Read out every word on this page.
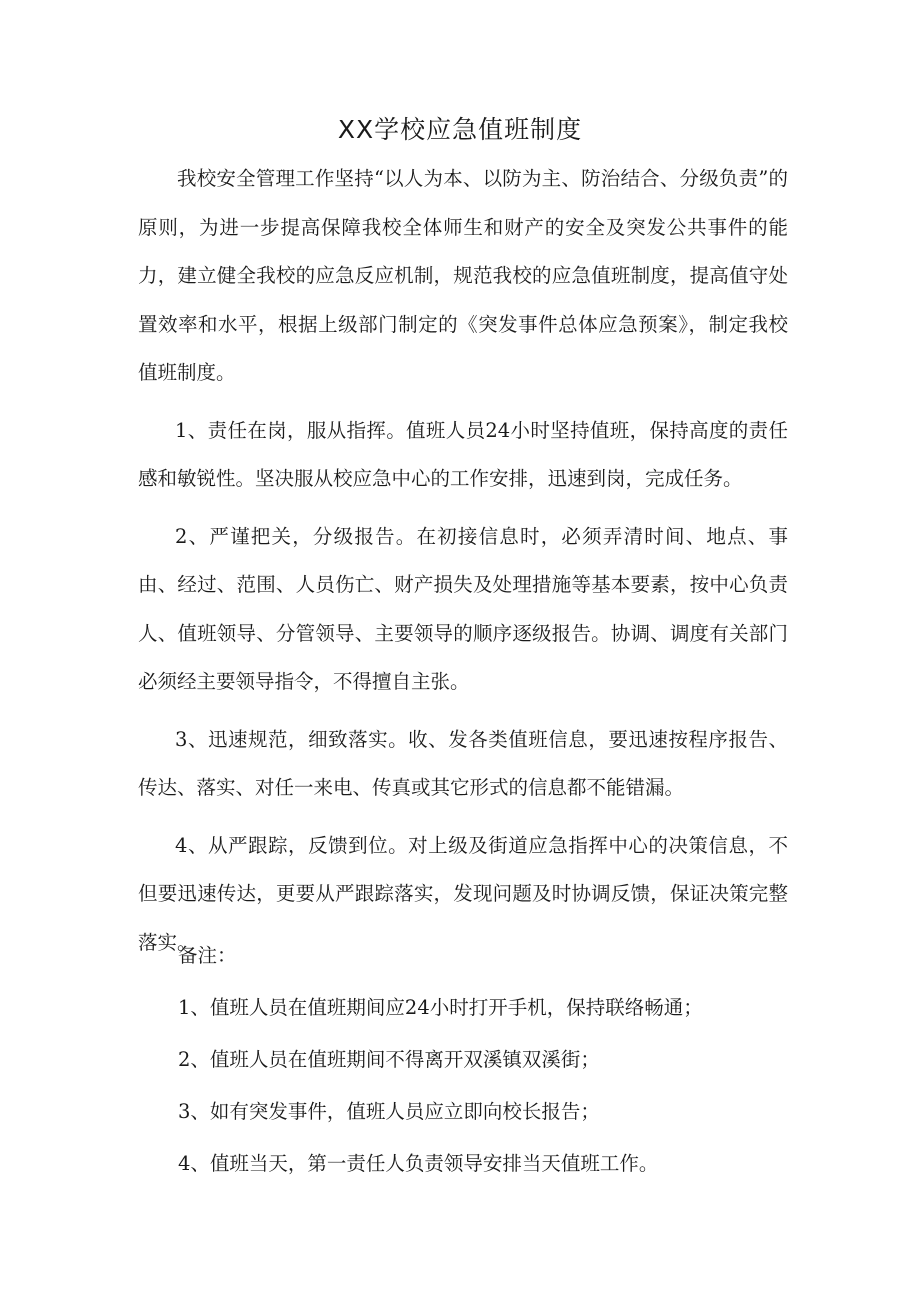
XX学校应急值班制度

我校安全管理工作坚持“以人为本、以防为主、防治结合、分级负责”的原则，为进一步提高保障我校全体师生和财产的安全及突发公共事件的能力，建立健全我校的应急反应机制，规范我校的应急值班制度，提高值守处置效率和水平，根据上级部门制定的《突发事件总体应急预案》，制定我校值班制度。

1、责任在岗，服从指挥。值班人员24小时坚持值班，保持高度的责任感和敏锐性。坚决服从校应急中心的工作安排，迅速到岗，完成任务。

2、严谨把关，分级报告。在初接信息时，必须弄清时间、地点、事由、经过、范围、人员伤亡、财产损失及处理措施等基本要素，按中心负责人、值班领导、分管领导、主要领导的顺序逐级报告。协调、调度有关部门必须经主要领导指令，不得擅自主张。

3、迅速规范，细致落实。收、发各类值班信息，要迅速按程序报告、传达、落实、对任一来电、传真或其它形式的信息都不能错漏。

4、从严跟踪，反馈到位。对上级及街道应急指挥中心的决策信息，不但要迅速传达，更要从严跟踪落实，发现问题及时协调反馈，保证决策完整落实。

备注：

1、值班人员在值班期间应24小时打开手机，保持联络畅通；

2、值班人员在值班期间不得离开双溪镇双溪街；

3、如有突发事件，值班人员应立即向校长报告；

4、值班当天，第一责任人负责领导安排当天值班工作。
